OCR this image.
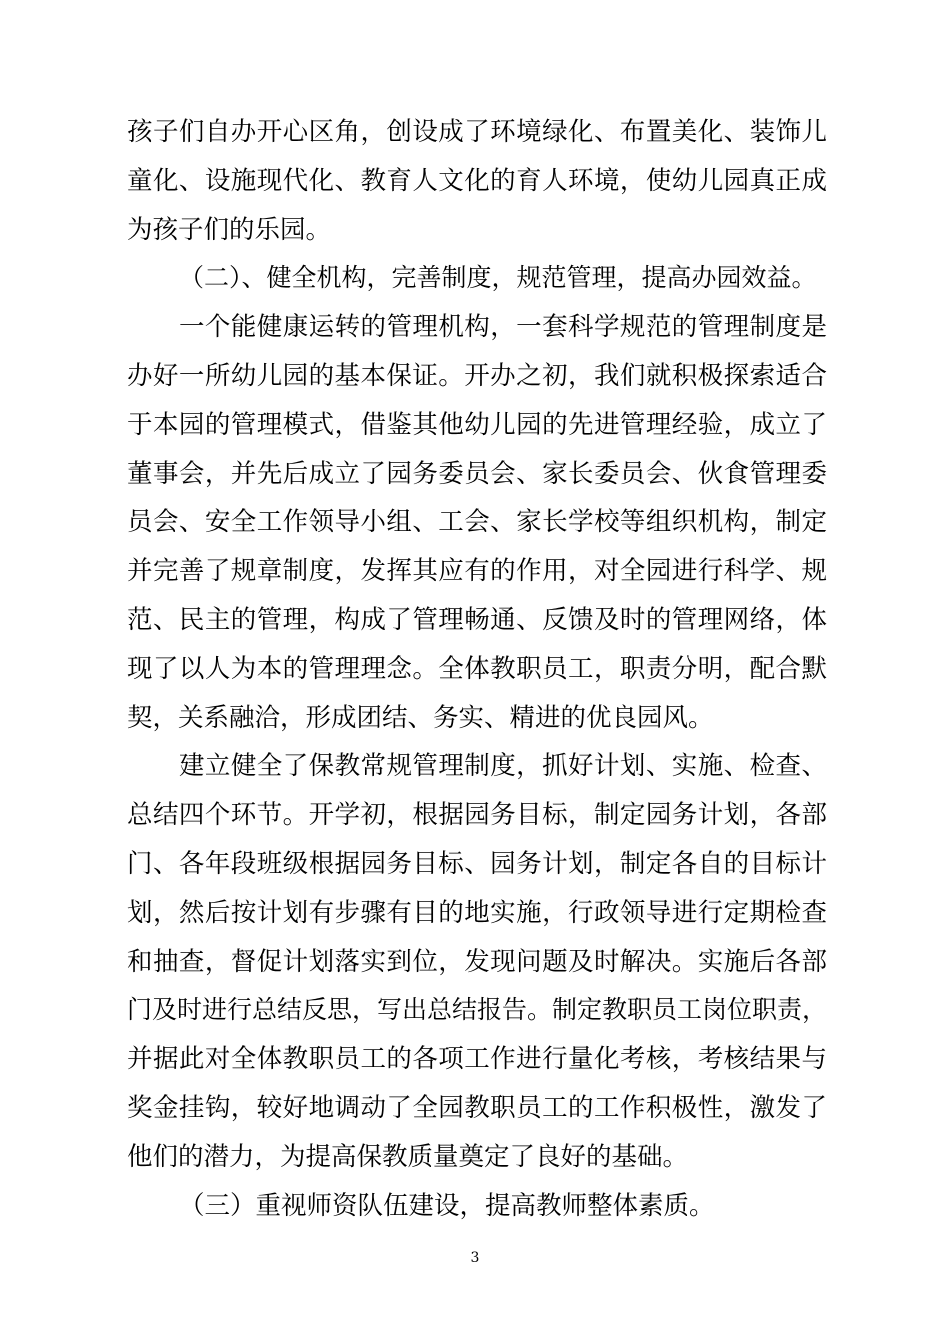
孩子们自办开心区角，创设成了环境绿化、布置美化、装饰儿
童化、设施现代化、教育人文化的育人环境，使幼儿园真正成
为孩子们的乐园。
（二）、健全机构，完善制度，规范管理，提高办园效益。
一个能健康运转的管理机构，一套科学规范的管理制度是
办好一所幼儿园的基本保证。开办之初，我们就积极探索适合
于本园的管理模式，借鉴其他幼儿园的先进管理经验，成立了
董事会，并先后成立了园务委员会、家长委员会、伙食管理委
员会、安全工作领导小组、工会、家长学校等组织机构，制定
并完善了规章制度，发挥其应有的作用，对全园进行科学、规
范、民主的管理，构成了管理畅通、反馈及时的管理网络，体
现了以人为本的管理理念。全体教职员工，职责分明，配合默
契，关系融洽，形成团结、务实、精进的优良园风。
建立健全了保教常规管理制度，抓好计划、实施、检查、
总结四个环节。开学初，根据园务目标，制定园务计划，各部
门、各年段班级根据园务目标、园务计划，制定各自的目标计
划，然后按计划有步骤有目的地实施，行政领导进行定期检查
和抽查，督促计划落实到位，发现问题及时解决。实施后各部
门及时进行总结反思，写出总结报告。制定教职员工岗位职责，
并据此对全体教职员工的各项工作进行量化考核，考核结果与
奖金挂钩，较好地调动了全园教职员工的工作积极性，激发了
他们的潜力，为提高保教质量奠定了良好的基础。
（三）重视师资队伍建设，提高教师整体素质。
3
